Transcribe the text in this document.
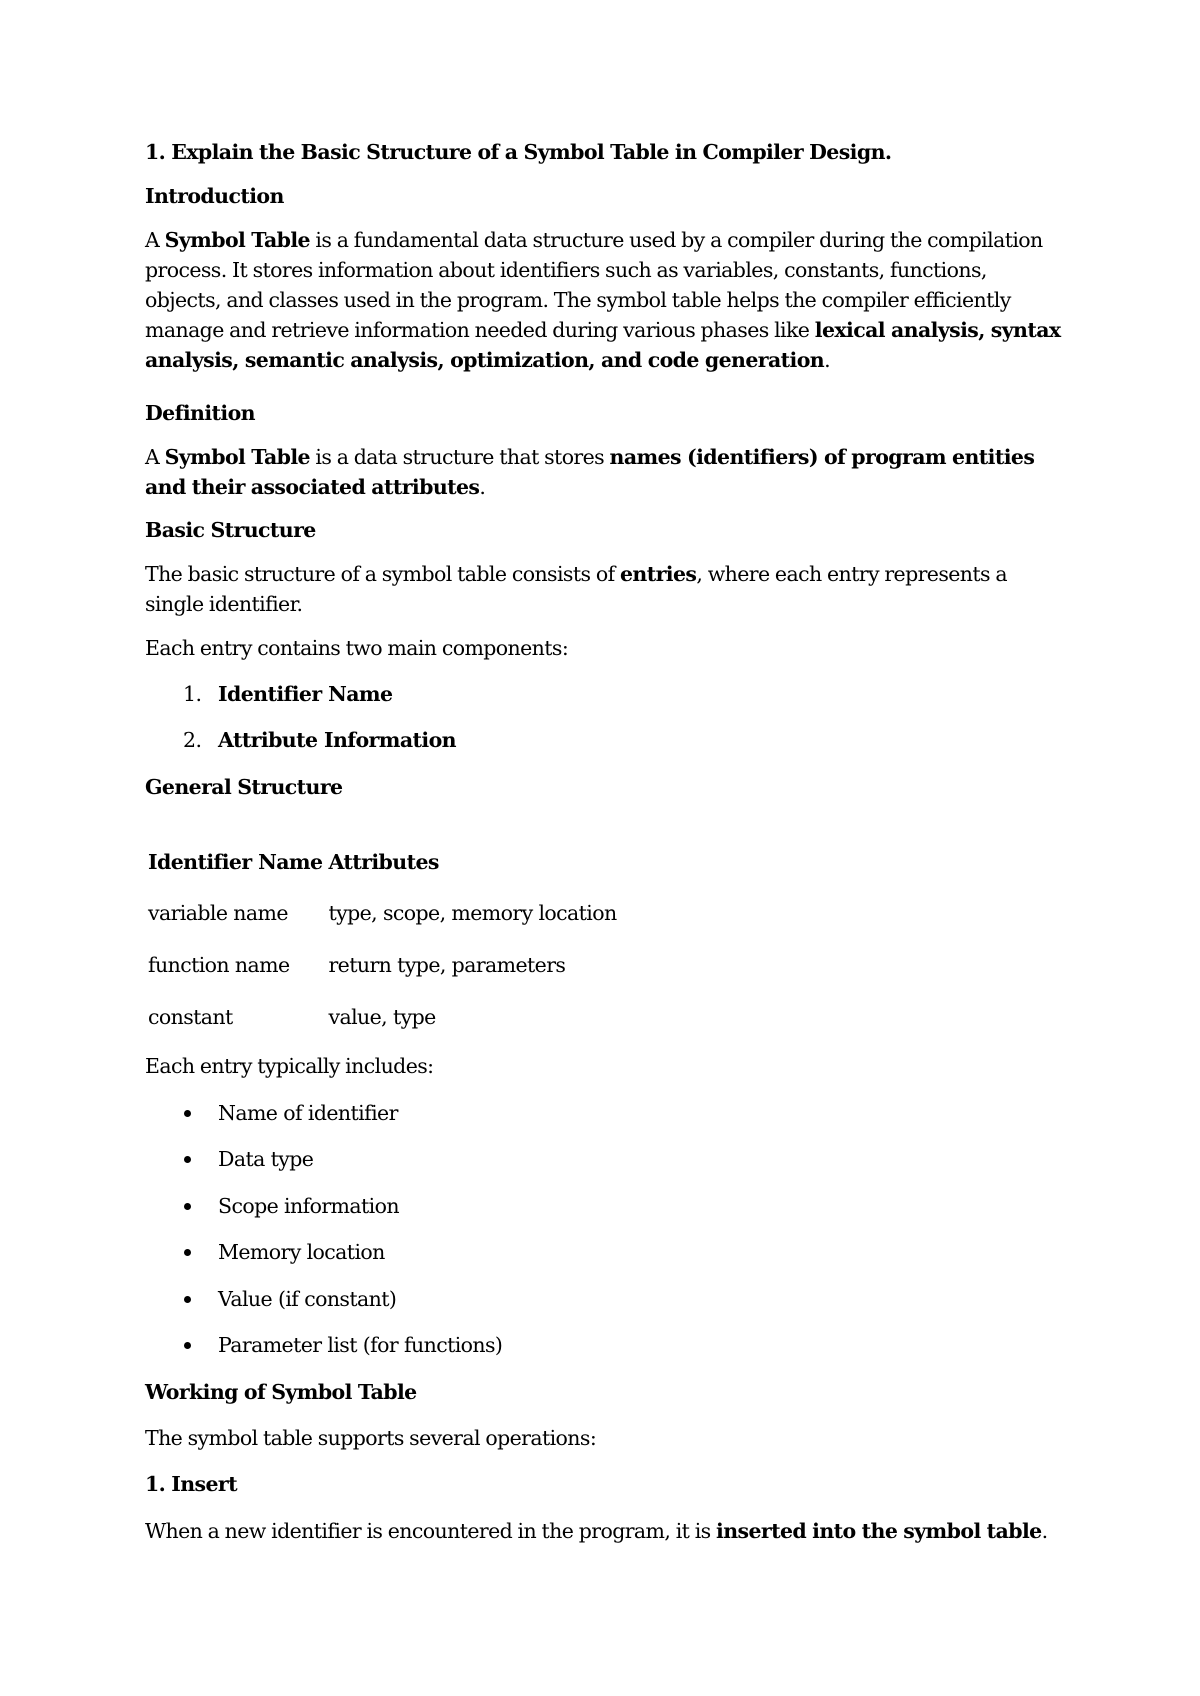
1. Explain the Basic Structure of a Symbol Table in Compiler Design.
Introduction
A Symbol Table is a fundamental data structure used by a compiler during the compilation process. It stores information about identifiers such as variables, constants, functions, objects, and classes used in the program. The symbol table helps the compiler efficiently manage and retrieve information needed during various phases like lexical analysis, syntax analysis, semantic analysis, optimization, and code generation.
Definition
A Symbol Table is a data structure that stores names (identifiers) of program entities and their associated attributes.
Basic Structure
The basic structure of a symbol table consists of entries, where each entry represents a single identifier.
Each entry contains two main components:
1. Identifier Name
2. Attribute Information
General Structure
Identifier Name	Attributes
variable name	type, scope, memory location
function name	return type, parameters
constant	value, type
Each entry typically includes:
Name of identifier
Data type
Scope information
Memory location
Value (if constant)
Parameter list (for functions)
Working of Symbol Table
The symbol table supports several operations:
1. Insert
When a new identifier is encountered in the program, it is inserted into the symbol table.
